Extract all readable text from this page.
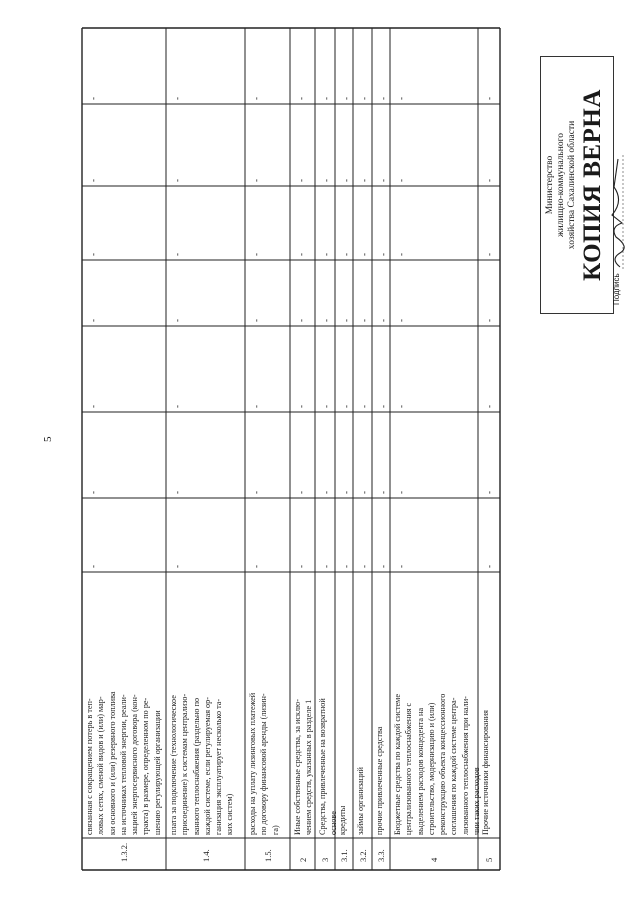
1.3.2.
связанная с сокращением потерь в теп- ловых сетях, сменой видов и (или) мар- ки основного и (или) резервного топлива на источниках тепловой энергии, реали- зацией энергосервисного договора (кон- тракта) в размере, определенном по ре- шению регулирующей организации
-
-
-
-
-
-
-
1.4.
плата за подключение (технологическое присоединение) к системам централизо- ванного теплоснабжения (раздельно по каждой системе, если регулируемая ор- ганизация эксплуатирует несколько та- ких систем)
-
-
-
-
-
-
-
1.5.
расходы на уплату лизинговых платежей по договору финансовой аренды (лизин- га)
-
-
-
-
-
-
-
2
Иные собственные средства, за исклю- чением средств, указанных в разделе 1
-
-
-
-
-
-
-
3
Средства, привлеченные на возвратной основе
-
-
-
-
-
-
-
3.1.
кредиты
-
-
-
-
-
-
-
3.2.
займы организаций
-
-
-
-
-
-
-
3.3.
прочие привлеченные средства
-
-
-
-
-
-
-
4
Бюджетные средства по каждой системе централизованного теплоснабжения с выделением расходов концедента на строительство, модернизацию и (или) реконструкцию объекта концессионного соглашения по каждой системе центра- лизованного теплоснабжения при нали- чии таких расходов
-
-
-
-
-
-
-
5
Прочие источники финансирования
-
-
-
-
-
-
-
5
Министерство жилищно-коммунального хозяйства Сахалинской области КОПИЯ ВЕРНА
Подпись
